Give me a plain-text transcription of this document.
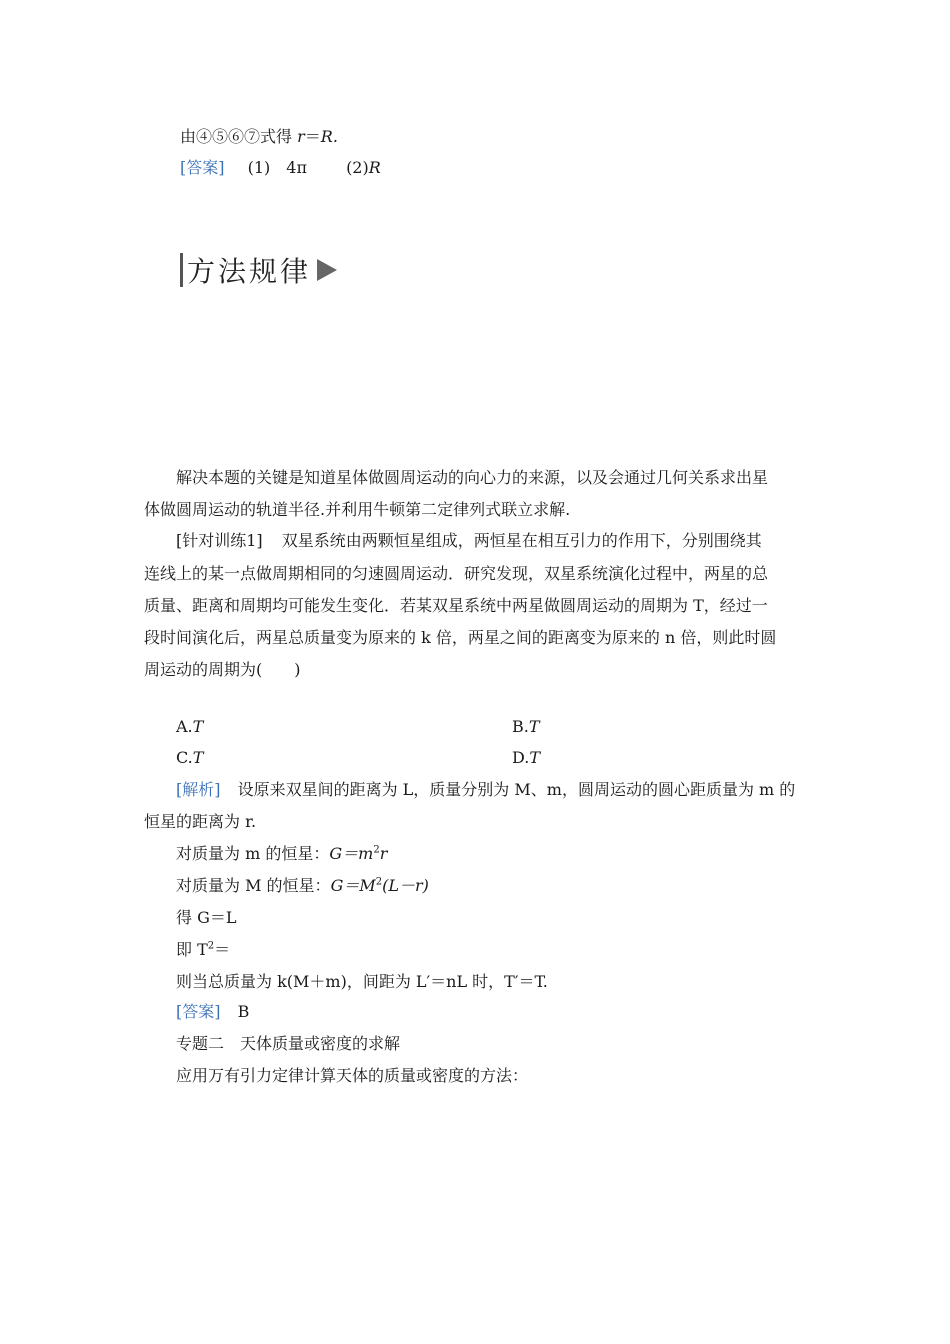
由④⑤⑥⑦式得 r＝R.
[答案] (1)　4π (2)R
方法规律
解决本题的关键是知道星体做圆周运动的向心力的来源，以及会通过几何关系求出星
体做圆周运动的轨道半径.并利用牛顿第二定律列式联立求解.
[针对训练1] 双星系统由两颗恒星组成，两恒星在相互引力的作用下，分别围绕其
连线上的某一点做周期相同的匀速圆周运动．研究发现，双星系统演化过程中，两星的总
质量、距离和周期均可能发生变化．若某双星系统中两星做圆周运动的周期为 T，经过一
段时间演化后，两星总质量变为原来的 k 倍，两星之间的距离变为原来的 n 倍，则此时圆
周运动的周期为(　　)
A.T	B.T
C.T	D.T
[解析] 设原来双星间的距离为 L，质量分别为 M、m，圆周运动的圆心距质量为 m 的
恒星的距离为 r.
对质量为 m 的恒星：$G=m^2r$
对质量为 M 的恒星：$G=M^2(L-r)$
得 G＝L
即 $T^2=$
则当总质量为 k(M＋m)，间距为 L′＝nL 时，T′＝T.
[答案] B
专题二　天体质量或密度的求解
应用万有引力定律计算天体的质量或密度的方法：
